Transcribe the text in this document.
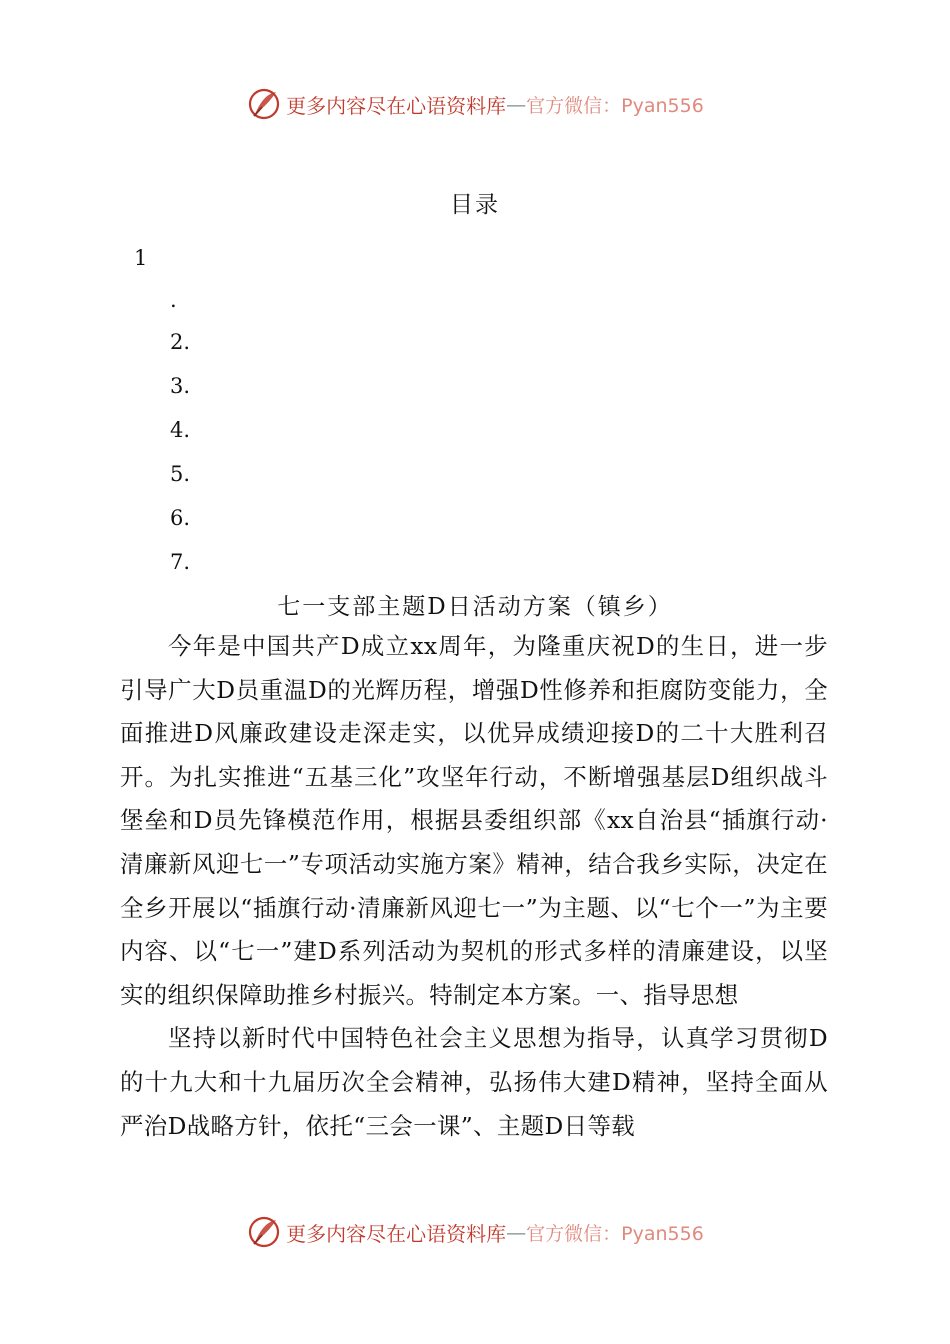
更多内容尽在心语资料库 — 官方微信：Pyan556
目录
1
.
2.
3.
4.
5.
6.
7.
七一支部主题D日活动方案（镇乡）

今年是中国共产D成立xx周年，为隆重庆祝D的生日，进一步引导广大D员重温D的光辉历程，增强D性修养和拒腐防变能力，全面推进D风廉政建设走深走实，以优异成绩迎接D的二十大胜利召开。为扎实推进“五基三化”攻坚年行动，不断增强基层D组织战斗堡垒和D员先锋模范作用，根据县委组织部《xx自治县“插旗行动·清廉新风迎七一”专项活动实施方案》精神，结合我乡实际，决定在全乡开展以“插旗行动·清廉新风迎七一”为主题、以“七个一”为主要内容、以“七一”建D系列活动为契机的形式多样的清廉建设，以坚实的组织保障助推乡村振兴。特制定本方案。一、指导思想

坚持以新时代中国特色社会主义思想为指导，认真学习贯彻D的十九大和十九届历次全会精神，弘扬伟大建D精神，坚持全面从严治D战略方针，依托“三会一课”、主题D日等载

更多内容尽在心语资料库 — 官方微信：Pyan556
